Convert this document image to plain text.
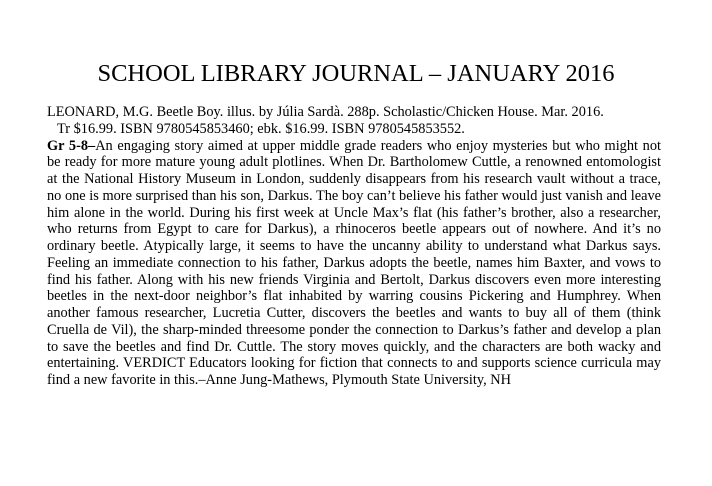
SCHOOL LIBRARY JOURNAL – JANUARY 2016
LEONARD, M.G. Beetle Boy. illus. by Júlia Sardà. 288p. Scholastic/Chicken House. Mar. 2016.
Tr $16.99. ISBN 9780545853460; ebk. $16.99. ISBN 9780545853552.
Gr 5-8–An engaging story aimed at upper middle grade readers who enjoy mysteries but who might not be ready for more mature young adult plotlines. When Dr. Bartholomew Cuttle, a renowned entomologist at the National History Museum in London, suddenly disappears from his research vault without a trace, no one is more surprised than his son, Darkus. The boy can’t believe his father would just vanish and leave him alone in the world. During his first week at Uncle Max’s flat (his father’s brother, also a researcher, who returns from Egypt to care for Darkus), a rhinoceros beetle appears out of nowhere. And it’s no ordinary beetle. Atypically large, it seems to have the uncanny ability to understand what Darkus says. Feeling an immediate connection to his father, Darkus adopts the beetle, names him Baxter, and vows to find his father. Along with his new friends Virginia and Bertolt, Darkus discovers even more interesting beetles in the next-door neighbor’s flat inhabited by warring cousins Pickering and Humphrey. When another famous researcher, Lucretia Cutter, discovers the beetles and wants to buy all of them (think Cruella de Vil), the sharp-minded threesome ponder the connection to Darkus’s father and develop a plan to save the beetles and find Dr. Cuttle. The story moves quickly, and the characters are both wacky and entertaining. VERDICT Educators looking for fiction that connects to and supports science curricula may find a new favorite in this.–Anne Jung-Mathews, Plymouth State University, NH
